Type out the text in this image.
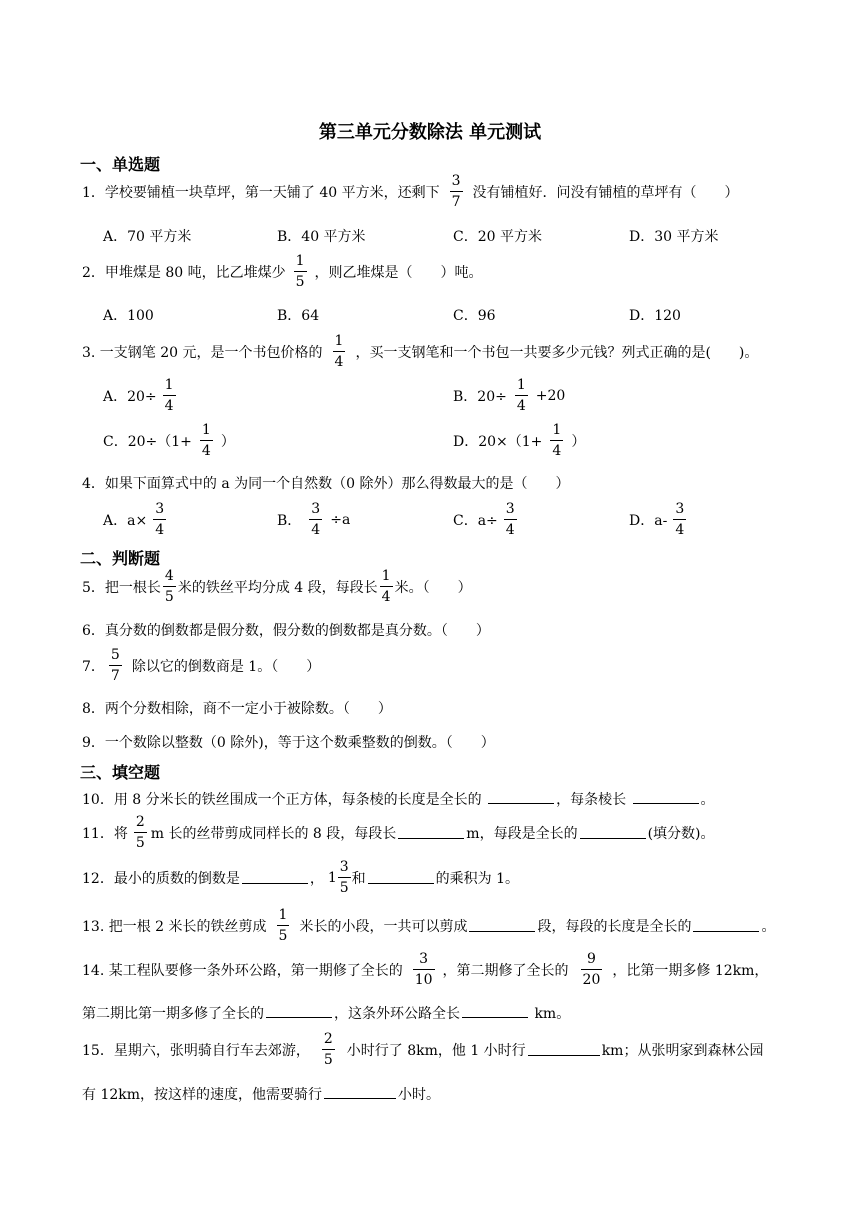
第三单元分数除法 单元测试
一、单选题
1．学校要铺植一块草坪，第一天铺了 40 平方米，还剩下 $\frac{3}{7}$ 没有铺植好．问没有铺植的草坪有（　　）
A．70 平方米	B．40 平方米	C．20 平方米	D．30 平方米
2．甲堆煤是 80 吨，比乙堆煤少 $\frac{1}{5}$ ，则乙堆煤是（　　）吨。
A．100	B．64	C．96	D．120
3. 一支钢笔 20 元，是一个书包价格的 $\frac{1}{4}$ ，买一支钢笔和一个书包一共要多少元钱？列式正确的是(　　)。
A．$20\div \frac{1}{4}$	B．$20\div \frac{1}{4} +20$
C．$20\div(1+ \frac{1}{4}$ ）	D．$20\times(1+ \frac{1}{4}$ ）
4．如果下面算式中的 a 为同一个自然数（0 除外）那么得数最大的是（　　）
A．$a\times \frac{3}{4}$	B． $\frac{3}{4} \div a$	C．$a\div \frac{3}{4}$	D．$a- \frac{3}{4}$
二、判断题
5．把一根长 $\frac{4}{5}$ 米的铁丝平均分成 4 段，每段长 $\frac{1}{4}$ 米。（　　）
6．真分数的倒数都是假分数，假分数的倒数都是真分数。（　　）
7． $\frac{5}{7}$ 除以它的倒数商是 1。（　　）
8．两个分数相除，商不一定小于被除数。（　　）
9．一个数除以整数（0 除外)，等于这个数乘整数的倒数。（　　）
三、填空题
10．用 8 分米长的铁丝围成一个正方体，每条棱的长度是全长的	，每条棱长	。
11．将 $\frac{2}{5}$ m 长的丝带剪成同样长的 8 段，每段长	m，每段是全长的	(填分数)。
12．最小的质数的倒数是	， $1 \frac{3}{5}$ 和	的乘积为 1。
13. 把一根 2 米长的铁丝剪成 $\frac{1}{5}$ 米长的小段，一共可以剪成	段，每段的长度是全长的	。
14. 某工程队要修一条外环公路，第一期修了全长的 $\frac{3}{10}$ ，第二期修了全长的 $\frac{9}{20}$ ，比第一期多修 12km，
第二期比第一期多修了全长的	，这条外环公路全长	km。
15．星期六，张明骑自行车去郊游， $\frac{2}{5}$ 小时行了 8km，他 1 小时行	km；从张明家到森林公园
有 12km，按这样的速度，他需要骑行	小时。
